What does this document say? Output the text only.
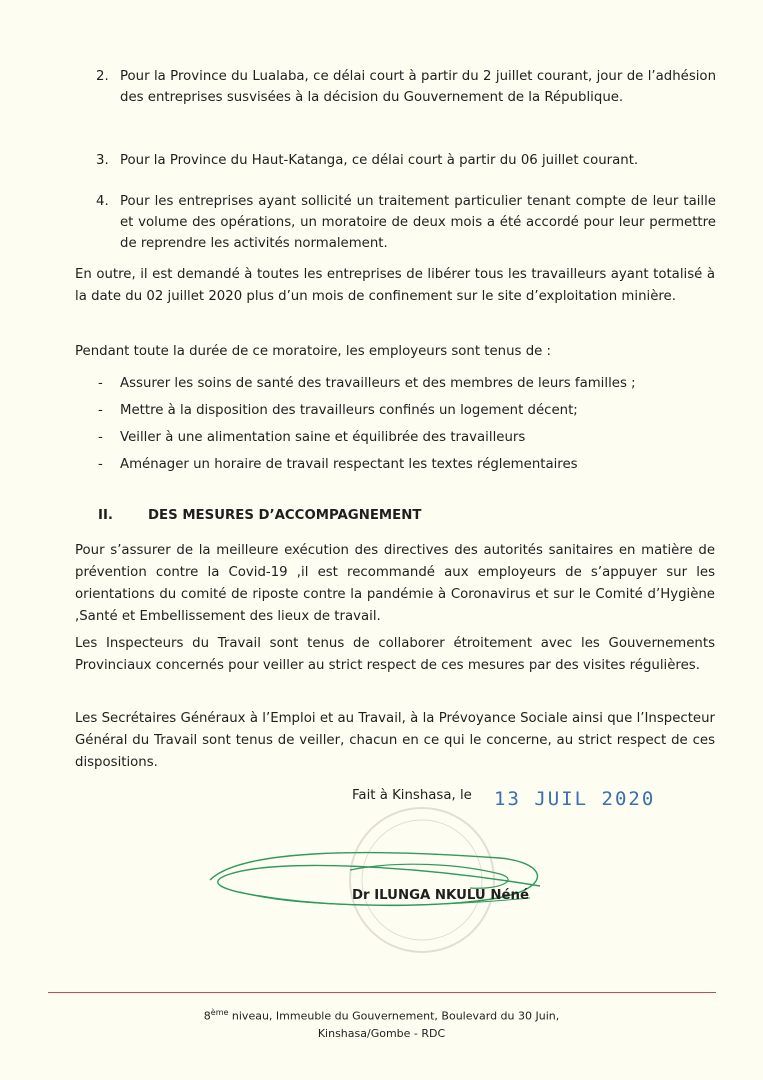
2. Pour la Province du Lualaba, ce délai court à partir du 2 juillet courant, jour de l’adhésion des entreprises susvisées à la décision du Gouvernement de la République.
3. Pour la Province du Haut-Katanga, ce délai court à partir du 06 juillet courant.
4. Pour les entreprises ayant sollicité un traitement particulier tenant compte de leur taille et volume des opérations, un moratoire de deux mois a été accordé pour leur permettre de reprendre les activités normalement.

En outre, il est demandé à toutes les entreprises de libérer tous les travailleurs ayant totalisé à la date du 02 juillet 2020 plus d’un mois de confinement sur le site d’exploitation minière.

Pendant toute la durée de ce moratoire, les employeurs sont tenus de :

- Assurer les soins de santé des travailleurs et des membres de leurs familles ;
- Mettre à la disposition des travailleurs confinés un logement décent;
- Veiller à une alimentation saine et équilibrée des travailleurs
- Aménager un horaire de travail respectant les textes réglementaires
II.	DES MESURES D’ACCOMPAGNEMENT

Pour s’assurer de la meilleure exécution des directives des autorités sanitaires en matière de prévention contre la Covid-19 ,il est recommandé aux employeurs de s’appuyer sur les orientations du comité de riposte contre la pandémie à Coronavirus et sur le Comité d’Hygiène ,Santé et Embellissement des lieux de travail.

Les Inspecteurs du Travail sont tenus de collaborer étroitement avec les Gouvernements Provinciaux concernés pour veiller au strict respect de ces mesures par des visites régulières.

Les Secrétaires Généraux à l’Emploi et au Travail, à la Prévoyance Sociale ainsi que l’Inspecteur Général du Travail sont tenus de veiller, chacun en ce qui le concerne, au strict respect de ces dispositions.

Fait à Kinshasa, le 13 JUIL 2020
Dr ILUNGA NKULU Néné
8ème niveau, Immeuble du Gouvernement, Boulevard du 30 Juin,
Kinshasa/Gombe - RDC
